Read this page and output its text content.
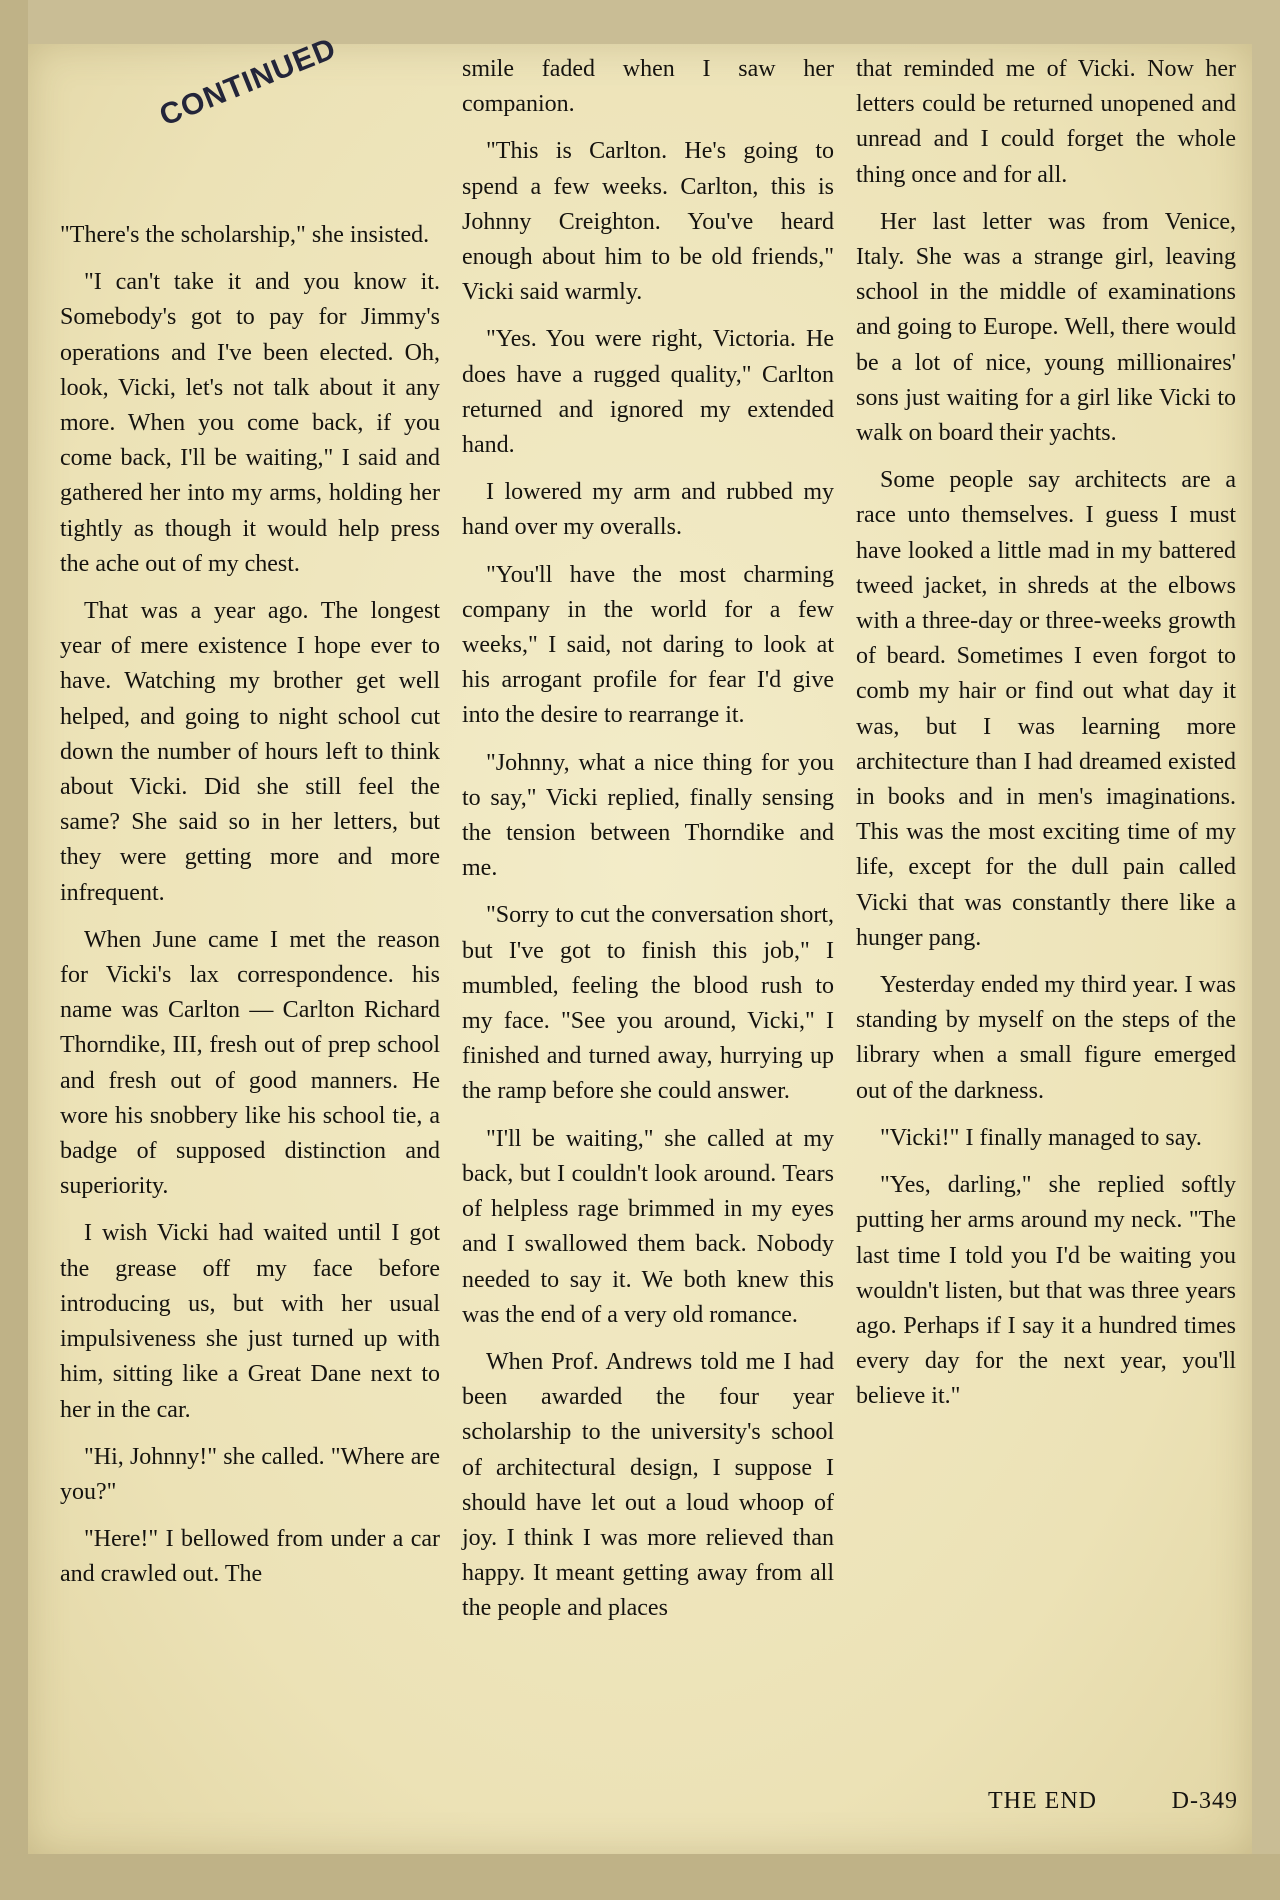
CONTINUED

"There's the scholarship," she insisted.

"I can't take it and you know it. Somebody's got to pay for Jimmy's operations and I've been elected. Oh, look, Vicki, let's not talk about it any more. When you come back, if you come back, I'll be waiting," I said and gathered her into my arms, holding her tightly as though it would help press the ache out of my chest.

That was a year ago. The longest year of mere existence I hope ever to have. Watching my brother get well helped, and going to night school cut down the number of hours left to think about Vicki. Did she still feel the same? She said so in her letters, but they were getting more and more infrequent.

When June came I met the reason for Vicki's lax correspondence. his name was Carlton — Carlton Richard Thorndike, III, fresh out of prep school and fresh out of good manners. He wore his snobbery like his school tie, a badge of supposed distinction and superiority.

I wish Vicki had waited until I got the grease off my face before introducing us, but with her usual impulsiveness she just turned up with him, sitting like a Great Dane next to her in the car.

"Hi, Johnny!" she called. "Where are you?"

"Here!" I bellowed from under a car and crawled out. The

smile faded when I saw her companion.

"This is Carlton. He's going to spend a few weeks. Carlton, this is Johnny Creighton. You've heard enough about him to be old friends," Vicki said warmly.

"Yes. You were right, Victoria. He does have a rugged quality," Carlton returned and ignored my extended hand.

I lowered my arm and rubbed my hand over my overalls.

"You'll have the most charming company in the world for a few weeks," I said, not daring to look at his arrogant profile for fear I'd give into the desire to rearrange it.

"Johnny, what a nice thing for you to say," Vicki replied, finally sensing the tension between Thorndike and me.

"Sorry to cut the conversation short, but I've got to finish this job," I mumbled, feeling the blood rush to my face. "See you around, Vicki," I finished and turned away, hurrying up the ramp before she could answer.

"I'll be waiting," she called at my back, but I couldn't look around. Tears of helpless rage brimmed in my eyes and I swallowed them back. Nobody needed to say it. We both knew this was the end of a very old romance.

When Prof. Andrews told me I had been awarded the four year scholarship to the university's school of architectural design, I suppose I should have let out a loud whoop of joy. I think I was more relieved than happy. It meant getting away from all the people and places

that reminded me of Vicki. Now her letters could be returned unopened and unread and I could forget the whole thing once and for all.

Her last letter was from Venice, Italy. She was a strange girl, leaving school in the middle of examinations and going to Europe. Well, there would be a lot of nice, young millionaires' sons just waiting for a girl like Vicki to walk on board their yachts.

Some people say architects are a race unto themselves. I guess I must have looked a little mad in my battered tweed jacket, in shreds at the elbows with a three-day or three-weeks growth of beard. Sometimes I even forgot to comb my hair or find out what day it was, but I was learning more architecture than I had dreamed existed in books and in men's imaginations. This was the most exciting time of my life, except for the dull pain called Vicki that was constantly there like a hunger pang.

Yesterday ended my third year. I was standing by myself on the steps of the library when a small figure emerged out of the darkness.

"Vicki!" I finally managed to say.

"Yes, darling," she replied softly putting her arms around my neck. "The last time I told you I'd be waiting you wouldn't listen, but that was three years ago. Perhaps if I say it a hundred times every day for the next year, you'll believe it."

THE END	D-349
